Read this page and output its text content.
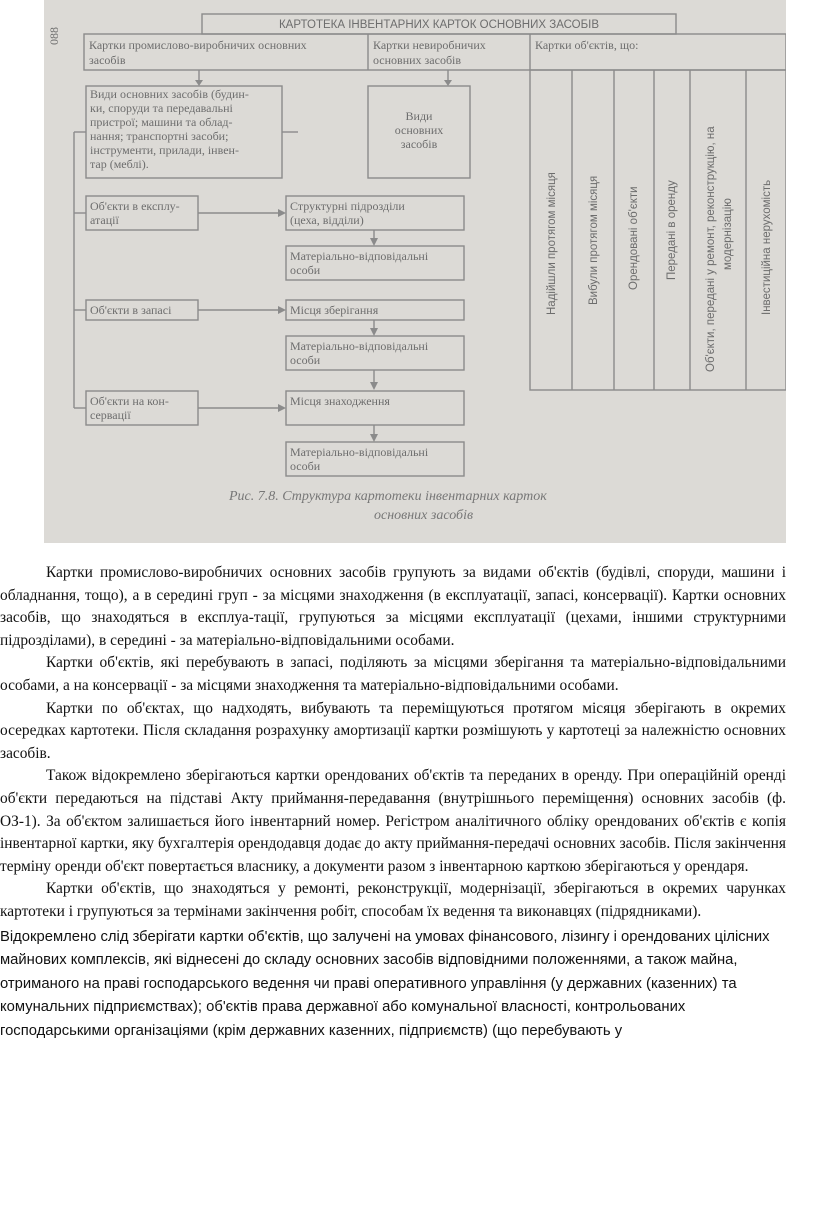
088
КАРТОТЕКА ІНВЕНТАРНИХ КАРТОК ОСНОВНИХ ЗАСОБІВ
Картки промислово-виробничих основних
засобів
Картки невиробничих
основних засобів
Картки об'єктів, що:
Види основних засобів (будин-
ки, споруди та передавальні
пристрої; машини та облад-
нання; транспортні засоби;
інструменти, прилади, інвен-
тар (меблі).
Об'єкти в експлу-
атації
Об'єкти в запасі
Об'єкти на кон-
сервації
Види
основних
засобів
Структурні підрозділи
(цеха, відділи)
Матеріально-відповідальні
особи
Місця зберігання
Матеріально-відповідальні
особи
Місця знаходження
Матеріально-відповідальні
особи
Надійшли протягом місяця	Вибули протягом місяця Орендовані об'єкти Передані в оренду Об'єкти, передані у ремонт, реконструкцію, на модернізацію Інвестиційна нерухомість
Рис. 7.8. Структура картотеки інвентарних карток
основних засобів

Картки промислово-виробничих основних засобів групують за видами об'єктів (будівлі, споруди, машини і обладнання, тощо), а в середині груп - за місцями знаходження (в експлуатації, запасі, консервації). Картки основних засобів, що знаходяться в експлуа-тації, групуються за місцями експлуатації (цехами, іншими структурними підрозділами), в середині - за матеріально-відповідальними особами.

Картки об'єктів, які перебувають в запасі, поділяють за місцями зберігання та матеріально-відповідальними особами, а на консервації - за місцями знаходження та матеріально-відповідальними особами.

Картки по об'єктах, що надходять, вибувають та переміщуються протягом місяця зберігають в окремих осередках картотеки. Після складання розрахунку амортизації картки розмішують у картотеці за належністю основних засобів.

Також відокремлено зберігаються картки орендованих об'єктів та переданих в оренду. При операційній оренді об'єкти передаються на підставі Акту приймання-передавання (внутрішнього переміщення) основних засобів (ф. ОЗ-1). За об'єктом залишається його інвентарний номер. Регістром аналітичного обліку орендованих об'єктів є копія інвентарної картки, яку бухгалтерія орендодавця додає до акту приймання-передачі основних засобів. Після закінчення терміну оренди об'єкт повертається власнику, а документи разом з інвентарною карткою зберігаються у орендаря.

Картки об'єктів, що знаходяться у ремонті, реконструкції, модернізації, зберігаються в окремих чарунках картотеки і групуються за термінами закінчення робіт, способам їх ведення та виконавцях (підрядниками).

Відокремлено слід зберігати картки об'єктів, що залучені на умовах фінансового, лізингу і орендованих цілісних майнових комплексів, які віднесені до складу основних засобів відповідними положеннями, а також майна, отриманого на праві господарського ведення чи праві оперативного управління (у державних (казенних) та комунальних підприємствах); об'єктів права державної або комунальної власності, контрольованих господарськими організаціями (крім державних казенних, підприємств) (що перебувають у
